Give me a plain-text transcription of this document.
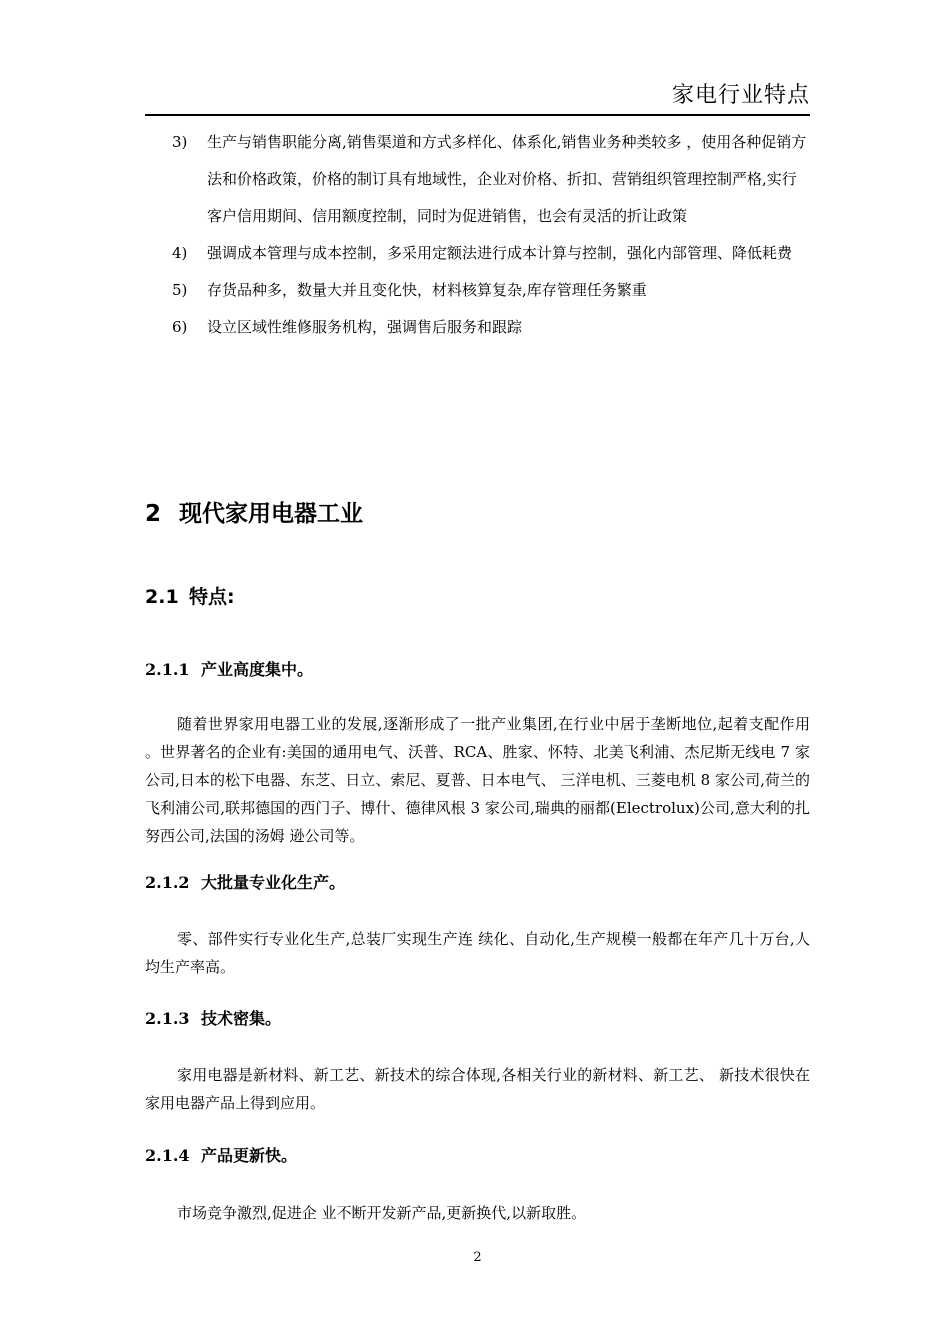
家电行业特点
3) 生产与销售职能分离,销售渠道和方式多样化、体系化,销售业务种类较多 ，使用各种促销方法和价格政策，价格的制订具有地域性，企业对价格、折扣、营销组织管理控制严格,实行客户信用期间、信用额度控制，同时为促进销售，也会有灵活的折让政策
4) 强调成本管理与成本控制，多采用定额法进行成本计算与控制，强化内部管理、降低耗费
5) 存货品种多，数量大并且变化快，材料核算复杂,库存管理任务繁重
6) 设立区域性维修服务机构，强调售后服务和跟踪
2 现代家用电器工业
2.1 特点:
2.1.1 产业高度集中。

随着世界家用电器工业的发展,逐渐形成了一批产业集团,在行业中居于垄断地位,起着支配作用 。世界著名的企业有:美国的通用电气、沃普、RCA、胜家、怀特、北美飞利浦、杰尼斯无线电 7 家公司,日本的松下电器、东芝、日立、索尼、夏普、日本电气、 三洋电机、三菱电机 8 家公司,荷兰的飞利浦公司,联邦德国的西门子、博什、德律风根 3 家公司,瑞典的丽都(Electrolux)公司,意大利的扎努西公司,法国的汤姆 逊公司等。

2.1.2 大批量专业化生产。

零、部件实行专业化生产,总装厂实现生产连 续化、自动化,生产规模一般都在年产几十万台,人均生产率高。

2.1.3 技术密集。

家用电器是新材料、新工艺、新技术的综合体现,各相关行业的新材料、新工艺、 新技术很快在家用电器产品上得到应用。

2.1.4 产品更新快。

市场竞争激烈,促进企 业不断开发新产品,更新换代,以新取胜。

2
